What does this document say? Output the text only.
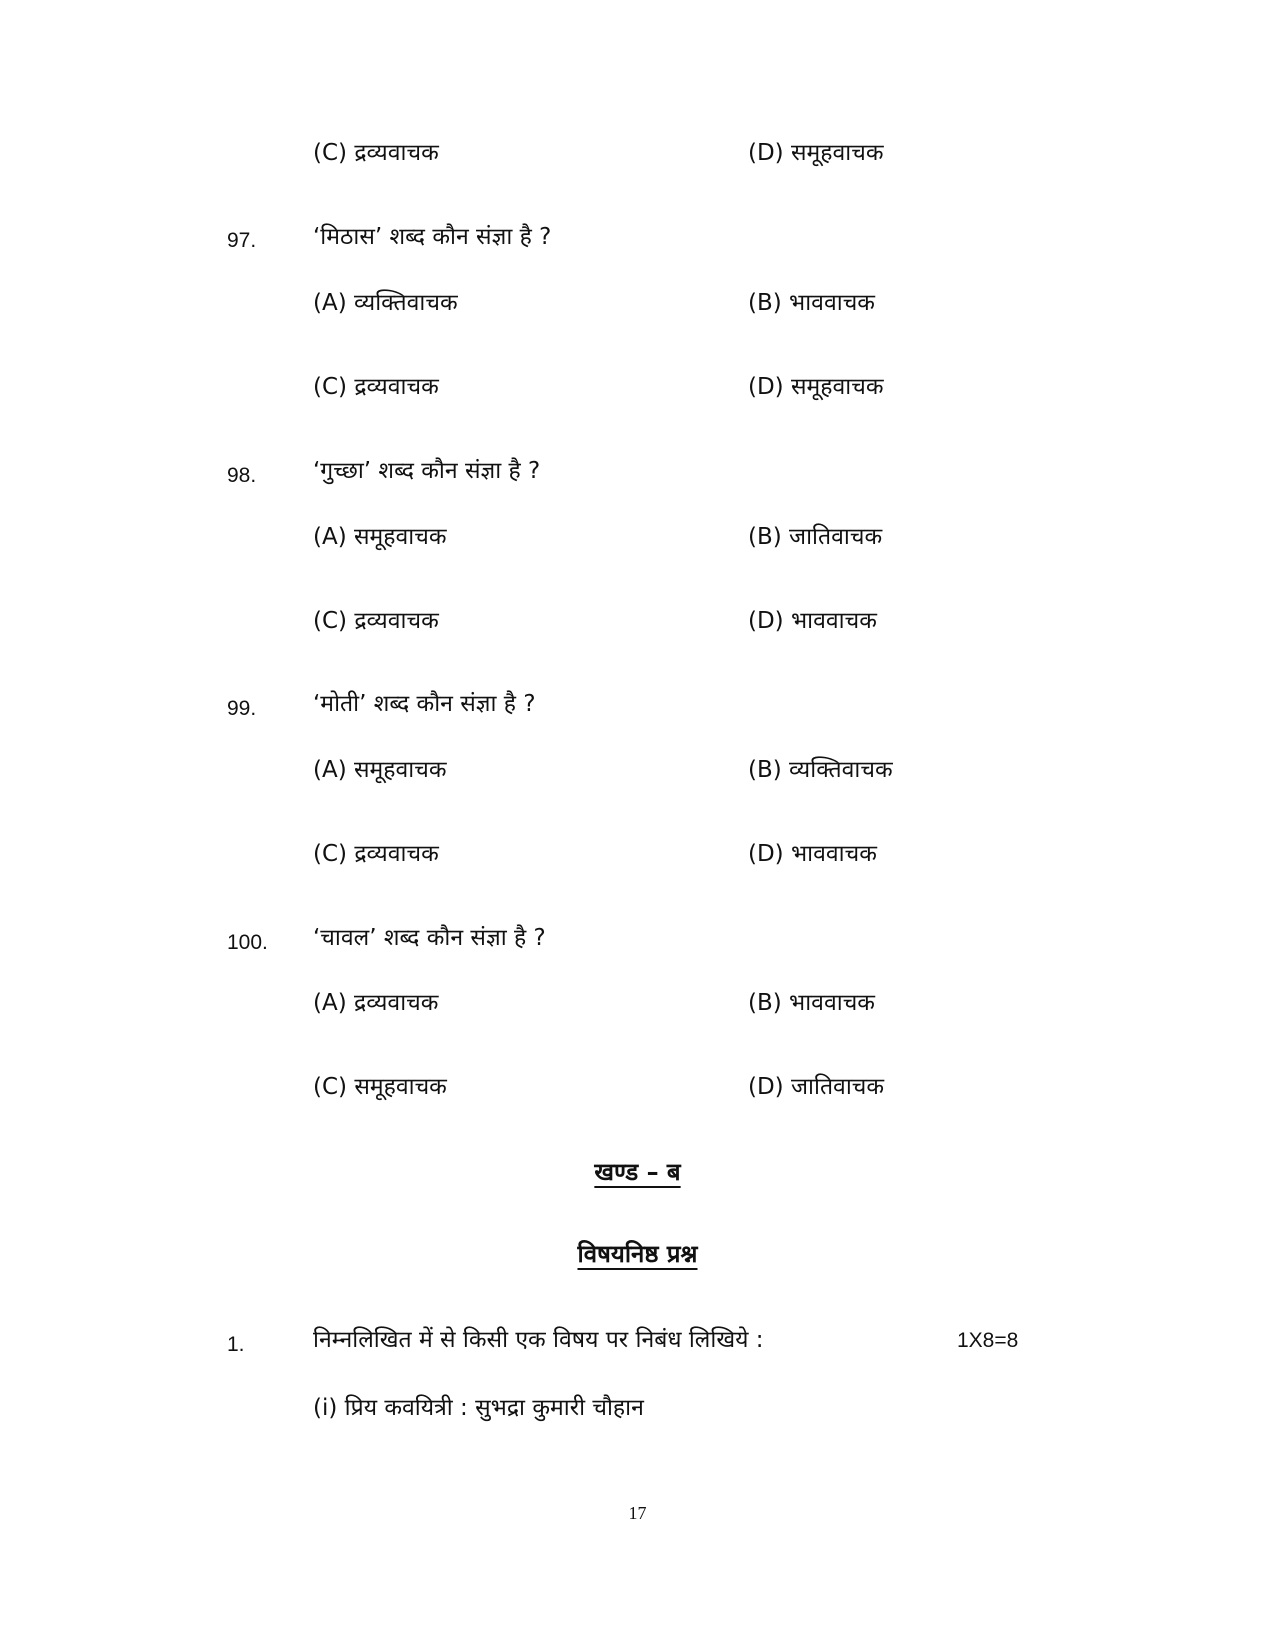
(C) द्रव्यवाचक	(D) समूहवाचक
97. ‘मिठास’ शब्द कौन संज्ञा है ?
(A) व्यक्तिवाचक	(B) भाववाचक
(C) द्रव्यवाचक	(D) समूहवाचक
98. ‘गुच्छा’ शब्द कौन संज्ञा है ?
(A) समूहवाचक	(B) जातिवाचक
(C) द्रव्यवाचक	(D) भाववाचक
99. ‘मोती’ शब्द कौन संज्ञा है ?
(A) समूहवाचक	(B) व्यक्तिवाचक
(C) द्रव्यवाचक	(D) भाववाचक
100. ‘चावल’ शब्द कौन संज्ञा है ?
(A) द्रव्यवाचक	(B) भाववाचक
(C) समूहवाचक	(D) जातिवाचक
खण्ड – ब
विषयनिष्ठ प्रश्न
1.	निम्नलिखित में से किसी एक विषय पर निबंध लिखिये :	1X8=8
(i) प्रिय कवयित्री : सुभद्रा कुमारी चौहान
17
